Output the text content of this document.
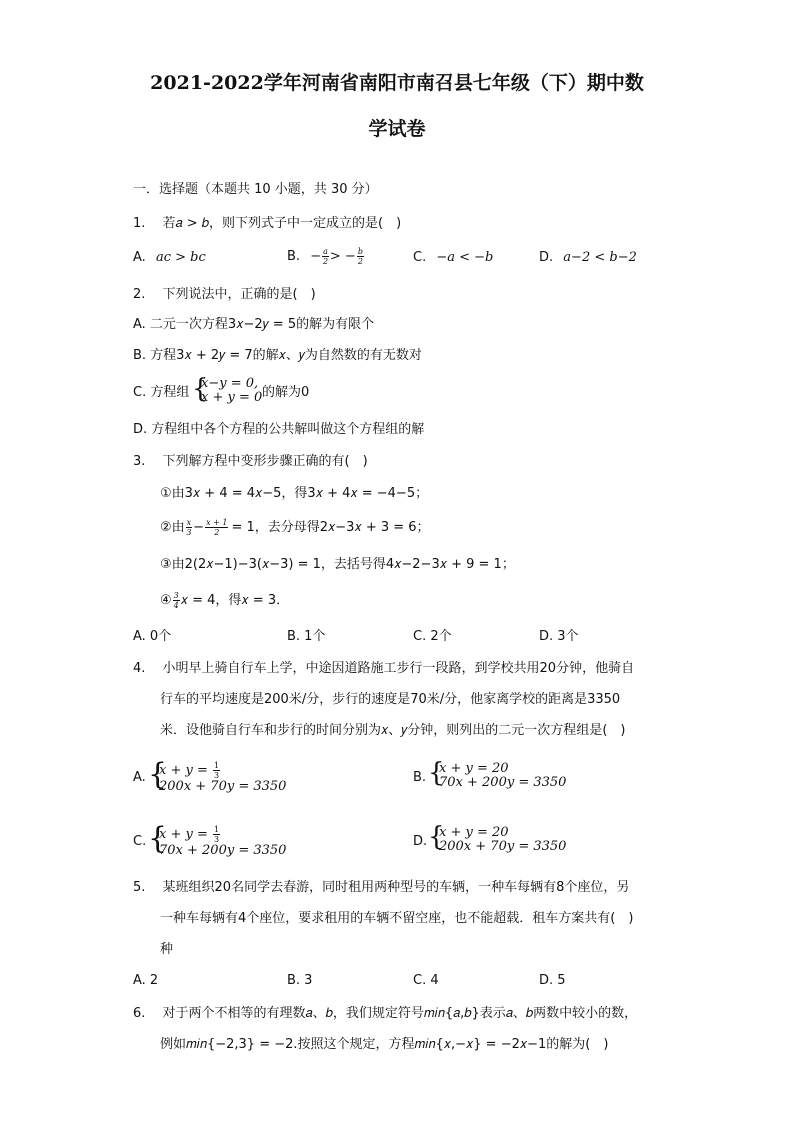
2021-2022学年河南省南阳市南召县七年级（下）期中数
学试卷
一．选择题（本题共 10 小题，共 30 分）
1.　 若𝑎 > 𝑏，则下列式子中一定成立的是(　)
A. 𝑎𝑐 > 𝑏𝑐	B. − $\frac{\text{𝑎}}{2}$ > − $\frac{\text{𝑏}}{2}$	C. −𝑎 < −𝑏	D. 𝑎−2 < 𝑏−2
2.　 下列说法中，正确的是(　)
A. 二元一次方程3𝑥−2𝑦 = 5的解为有限个
B. 方程3𝑥 + 2𝑦 = 7的解𝑥、𝑦为自然数的有无数对
C. 方程组 {
𝑥−𝑦 = 0,
𝑥 + 𝑦 = 0 的解为0
D. 方程组中各个方程的公共解叫做这个方程组的解
3.　 下列解方程中变形步骤正确的有(　)
①由3𝑥 + 4 = 4𝑥−5，得3𝑥 + 4𝑥 = −4−5；
②由 $\frac{\text{𝑥}}{3} - \frac{\text{𝑥 + 1}}{2} = 1$，去分母得2𝑥−3𝑥 + 3 = 6；
③由2(2𝑥−1)−3(𝑥−3) = 1，去括号得4𝑥−2−3𝑥 + 9 = 1；
④ $\frac{3}{4}$ 𝑥 = 4，得𝑥 = 3．
A. 0个	B. 1个	C. 2个	D. 3个
4.　 小明早上骑自行车上学，中途因道路施工步行一段路，到学校共用20分钟，他骑自
行车的平均速度是200米/分，步行的速度是70米/分，他家离学校的距离是3350
米．设他骑自行车和步行的时间分别为𝑥、𝑦分钟，则列出的二元一次方程组是(　)
A. {
𝑥 + 𝑦 = $\frac{1}{3}$
200𝑥 + 70𝑦 = 3350
B. {
𝑥 + 𝑦 = 20
70𝑥 + 200𝑦 = 3350
C. {
𝑥 + 𝑦 = $\frac{1}{3}$
70𝑥 + 200𝑦 = 3350
D. {
𝑥 + 𝑦 = 20
200𝑥 + 70𝑦 = 3350
5.　 某班组织20名同学去春游，同时租用两种型号的车辆，一种车每辆有8个座位，另
一种车每辆有4个座位，要求租用的车辆不留空座，也不能超载．租车方案共有(　)
种
A. 2	B. 3	C. 4	D. 5
6.　 对于两个不相等的有理数𝑎、𝑏，我们规定符号𝑚𝑖𝑛{𝑎,𝑏}表示𝑎、𝑏两数中较小的数，
例如𝑚𝑖𝑛{−2,3} = −2.按照这个规定，方程𝑚𝑖𝑛{𝑥,−𝑥} = −2𝑥−1的解为(　)
